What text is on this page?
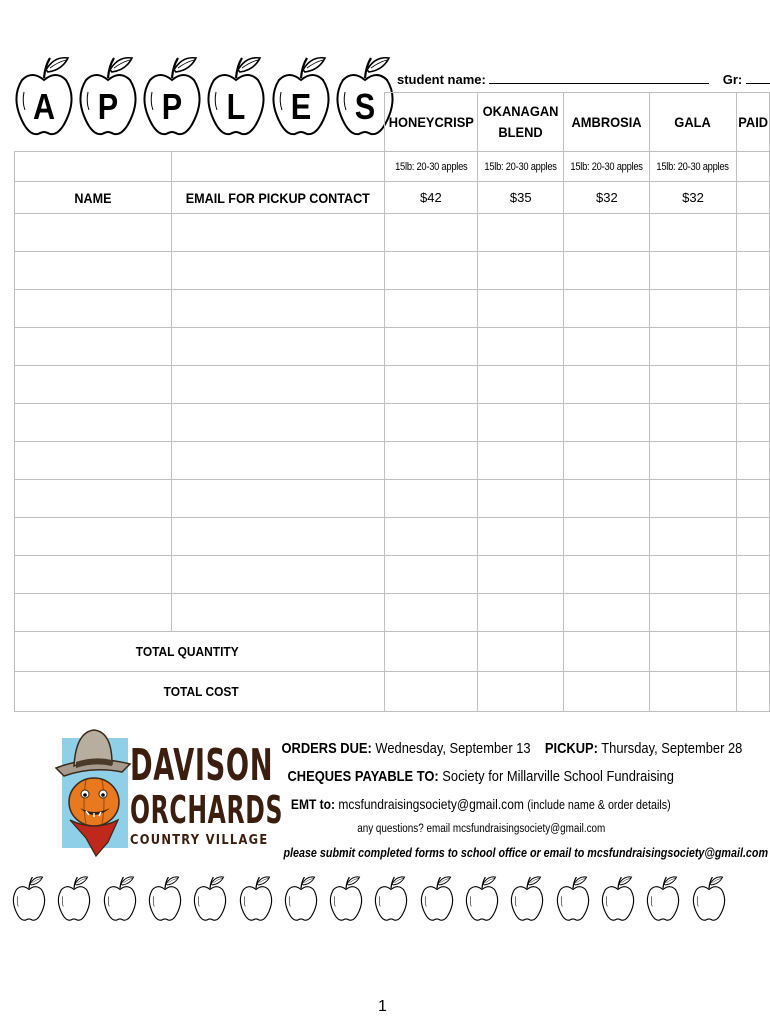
A	P	P	L	E	S
student name:	Gr:

		HONEYCRISP	OKANAGAN BLEND	AMBROSIA	GALA	PAID

		15lb: 20-30 apples	15lb: 20-30 apples	15lb: 20-30 apples	15lb: 20-30 apples	

NAME	EMAIL FOR PICKUP CONTACT	$42	$35	$32	$32	

TOTAL QUANTITY						
TOTAL COST						
DAVISON
ORCHARDS
COUNTRY VILLAGE
ORDERS DUE: Wednesday, September 13 PICKUP: Thursday, September 28
CHEQUES PAYABLE TO: Society for Millarville School Fundraising
EMT to: mcsfundraisingsociety@gmail.com (include name & order details)
any questions? email mcsfundraisingsociety@gmail.com
please submit completed forms to school office or email to mcsfundraisingsociety@gmail.com
1
